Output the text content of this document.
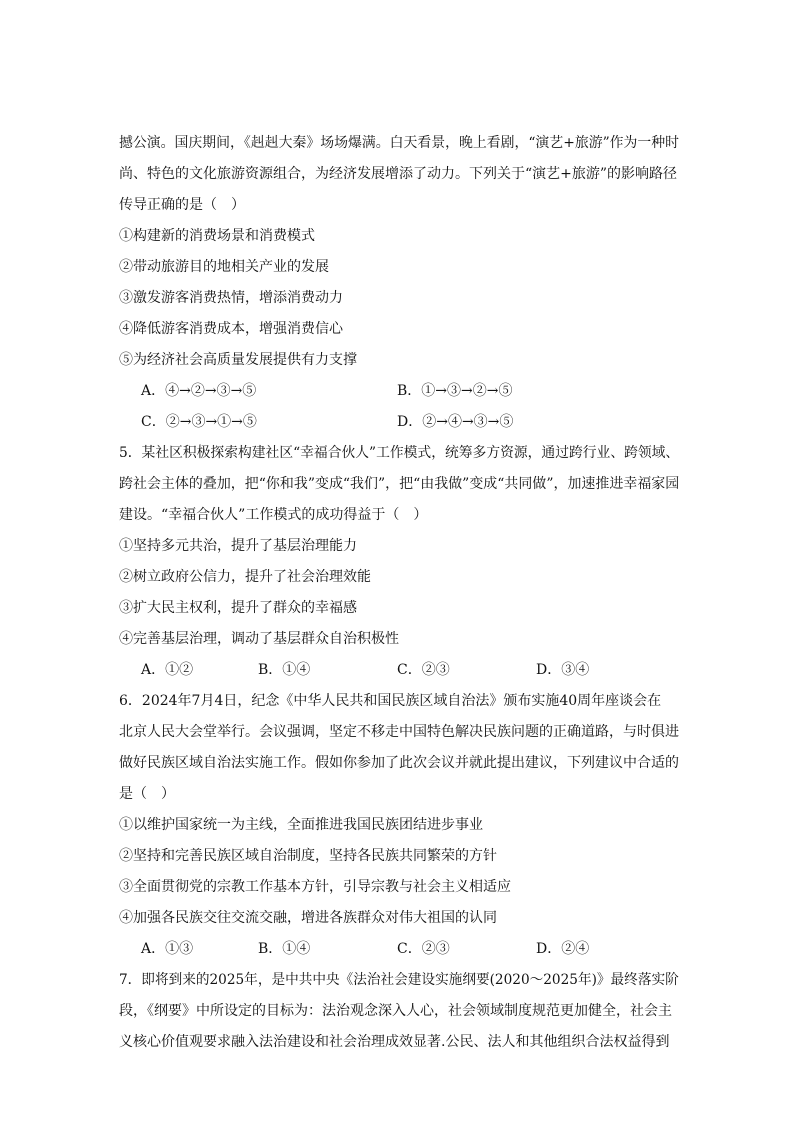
撼公演。国庆期间，《赳赳大秦》场场爆满。白天看景，晚上看剧，“演艺+旅游”作为一种时
尚、特色的文化旅游资源组合，为经济发展增添了动力。下列关于“演艺+旅游”的影响路径
传导正确的是（　）
①构建新的消费场景和消费模式
②带动旅游目的地相关产业的发展
③激发游客消费热情，增添消费动力
④降低游客消费成本，增强消费信心
⑤为经济社会高质量发展提供有力支撑
A．④→②→③→⑤	B．①→③→②→⑤
C．②→③→①→⑤	D．②→④→③→⑤
5．某社区积极探索构建社区“幸福合伙人”工作模式，统筹多方资源，通过跨行业、跨领域、
跨社会主体的叠加，把“你和我”变成“我们”，把“由我做”变成“共同做”，加速推进幸福家园
建设。“幸福合伙人”工作模式的成功得益于（　）
①坚持多元共治，提升了基层治理能力
②树立政府公信力，提升了社会治理效能
③扩大民主权利，提升了群众的幸福感
④完善基层治理，调动了基层群众自治积极性
A．①②	B．①④	C．②③	D．③④
6．2024年7月4日，纪念《中华人民共和国民族区域自治法》颁布实施40周年座谈会在
北京人民大会堂举行。会议强调，坚定不移走中国特色解决民族问题的正确道路，与时俱进
做好民族区域自治法实施工作。假如你参加了此次会议并就此提出建议，下列建议中合适的
是（　）
①以维护国家统一为主线，全面推进我国民族团结进步事业
②坚持和完善民族区域自治制度，坚持各民族共同繁荣的方针
③全面贯彻党的宗教工作基本方针，引导宗教与社会主义相适应
④加强各民族交往交流交融，增进各族群众对伟大祖国的认同
A．①③	B．①④	C．②③	D．②④
7．即将到来的2025年，是中共中央《法治社会建设实施纲要(2020～2025年)》最终落实阶
段，《纲要》中所设定的目标为：法治观念深入人心，社会领域制度规范更加健全，社会主
义核心价值观要求融入法治建设和社会治理成效显著.公民、法人和其他组织合法权益得到
